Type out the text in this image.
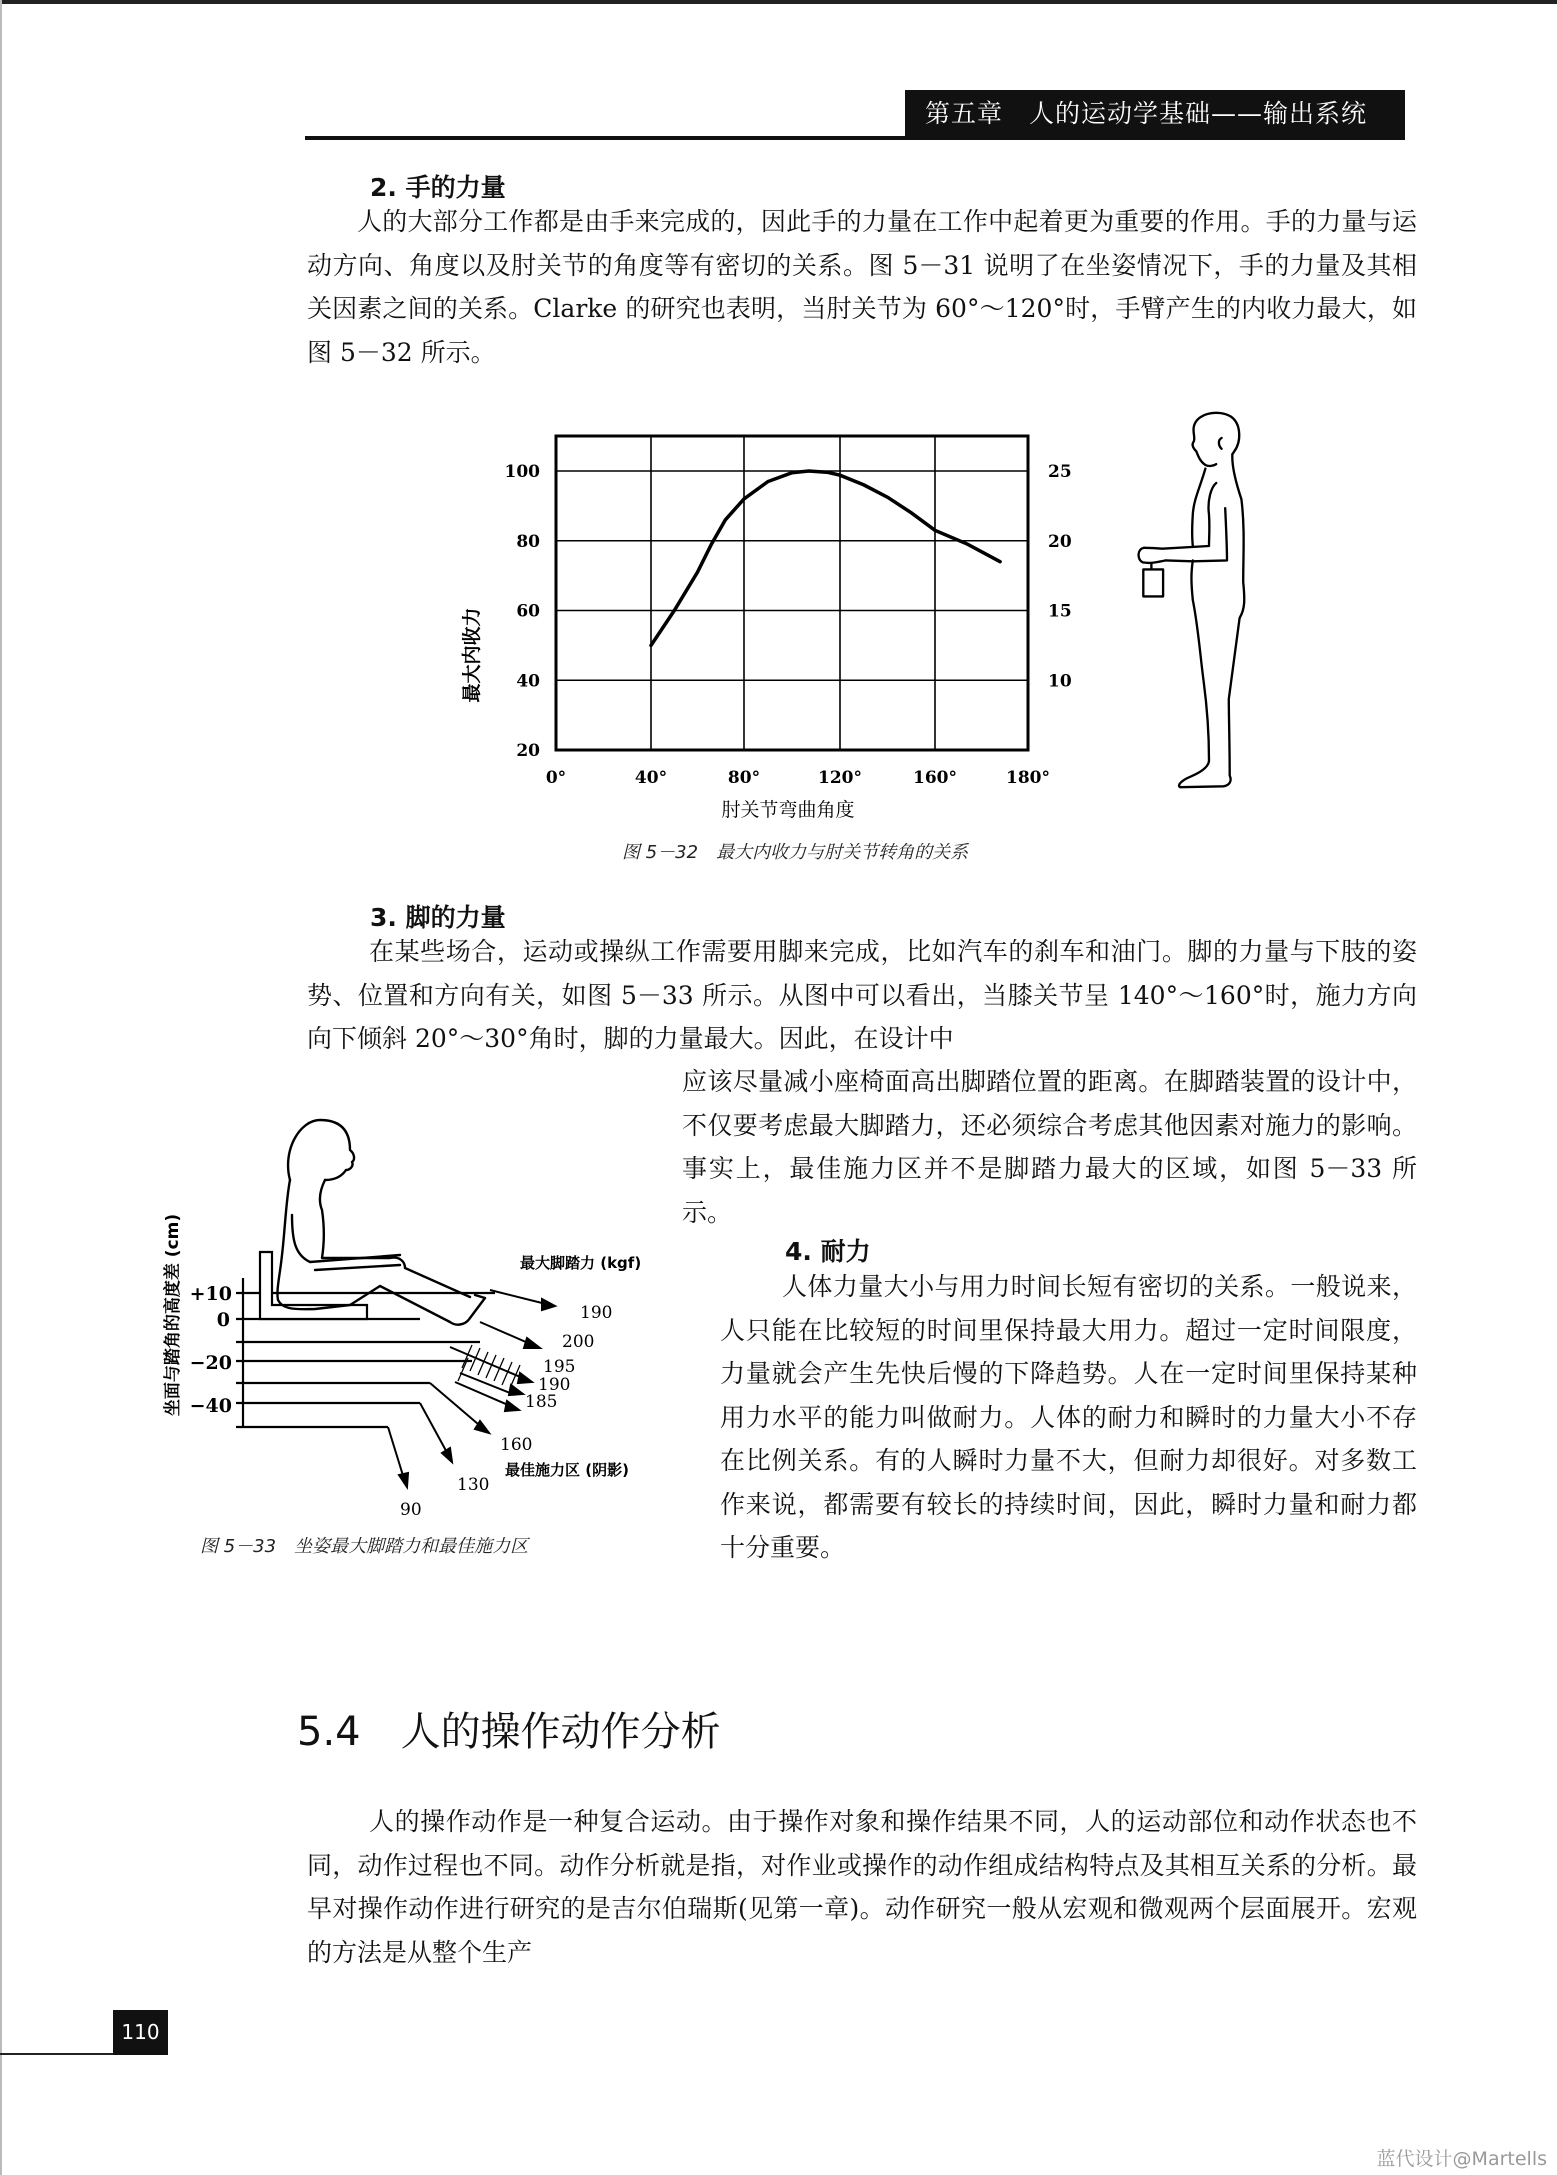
第五章　人的运动学基础——输出系统
2. 手的力量
人的大部分工作都是由手来完成的，因此手的力量在工作中起着更为重要的作用。手的力量与运动方向、角度以及肘关节的角度等有密切的关系。图 5－31 说明了在坐姿情况下，手的力量及其相关因素之间的关系。Clarke 的研究也表明，当肘关节为 60°～120°时，手臂产生的内收力最大，如图 5－32 所示。
0°	40°	80°	120°	160°	180°
20
40
60
80
100
10
15
20
25
最大内收力
肘关节弯曲角度
图 5－32　最大内收力与肘关节转角的关系
3. 脚的力量
在某些场合，运动或操纵工作需要用脚来完成，比如汽车的刹车和油门。脚的力量与下肢的姿势、位置和方向有关，如图 5－33 所示。从图中可以看出，当膝关节呈 140°～160°时，施力方向向下倾斜 20°～30°角时，脚的力量最大。因此，在设计中
应该尽量减小座椅面高出脚踏位置的距离。在脚踏装置的设计中，不仅要考虑最大脚踏力，还必须综合考虑其他因素对施力的影响。事实上，最佳施力区并不是脚踏力最大的区域，如图 5－33 所示。
坐面与踏角的高度差 (cm) +10
0
−20
−40
最大脚踏力 (kgf)
190
200
195
190
185
160
130
90
最佳施力区 (阴影)
图 5－33　坐姿最大脚踏力和最佳施力区
4. 耐力
人体力量大小与用力时间长短有密切的关系。一般说来，人只能在比较短的时间里保持最大用力。超过一定时间限度，力量就会产生先快后慢的下降趋势。人在一定时间里保持某种用力水平的能力叫做耐力。人体的耐力和瞬时的力量大小不存在比例关系。有的人瞬时力量不大，但耐力却很好。对多数工作来说，都需要有较长的持续时间，因此，瞬时力量和耐力都十分重要。
5.4　人的操作动作分析
人的操作动作是一种复合运动。由于操作对象和操作结果不同，人的运动部位和动作状态也不同，动作过程也不同。动作分析就是指，对作业或操作的动作组成结构特点及其相互关系的分析。最早对操作动作进行研究的是吉尔伯瑞斯(见第一章)。动作研究一般从宏观和微观两个层面展开。宏观的方法是从整个生产
110
蓝代设计@Martells
